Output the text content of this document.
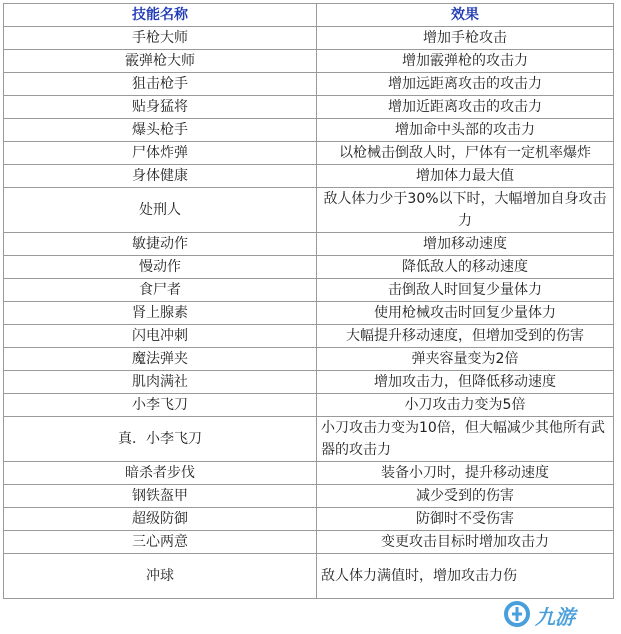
技能名称	效果
手枪大师	增加手枪攻击
霰弹枪大师	增加霰弹枪的攻击力
狙击枪手	增加远距离攻击的攻击力
贴身猛将	增加近距离攻击的攻击力
爆头枪手	增加命中头部的攻击力
尸体炸弹	以枪械击倒敌人时，尸体有一定机率爆炸
身体健康	增加体力最大值
处刑人	敌人体力少于30%以下时，大幅增加自身攻击力
敏捷动作	增加移动速度
慢动作	降低敌人的移动速度
食尸者	击倒敌人时回复少量体力
肾上腺素	使用枪械攻击时回复少量体力
闪电冲刺	大幅提升移动速度，但增加受到的伤害
魔法弹夹	弹夹容量变为2倍
肌肉满社	增加攻击力，但降低移动速度
小李飞刀	小刀攻击力变为5倍
真．小李飞刀	小刀攻击力变为10倍，但大幅减少其他所有武器的攻击力
暗杀者步伐	装备小刀时，提升移动速度
钢铁盔甲	减少受到的伤害
超级防御	防御时不受伤害
三心两意	变更攻击目标时增加攻击力
冲球	敌人体力满值时，增加攻击力伤
九游
